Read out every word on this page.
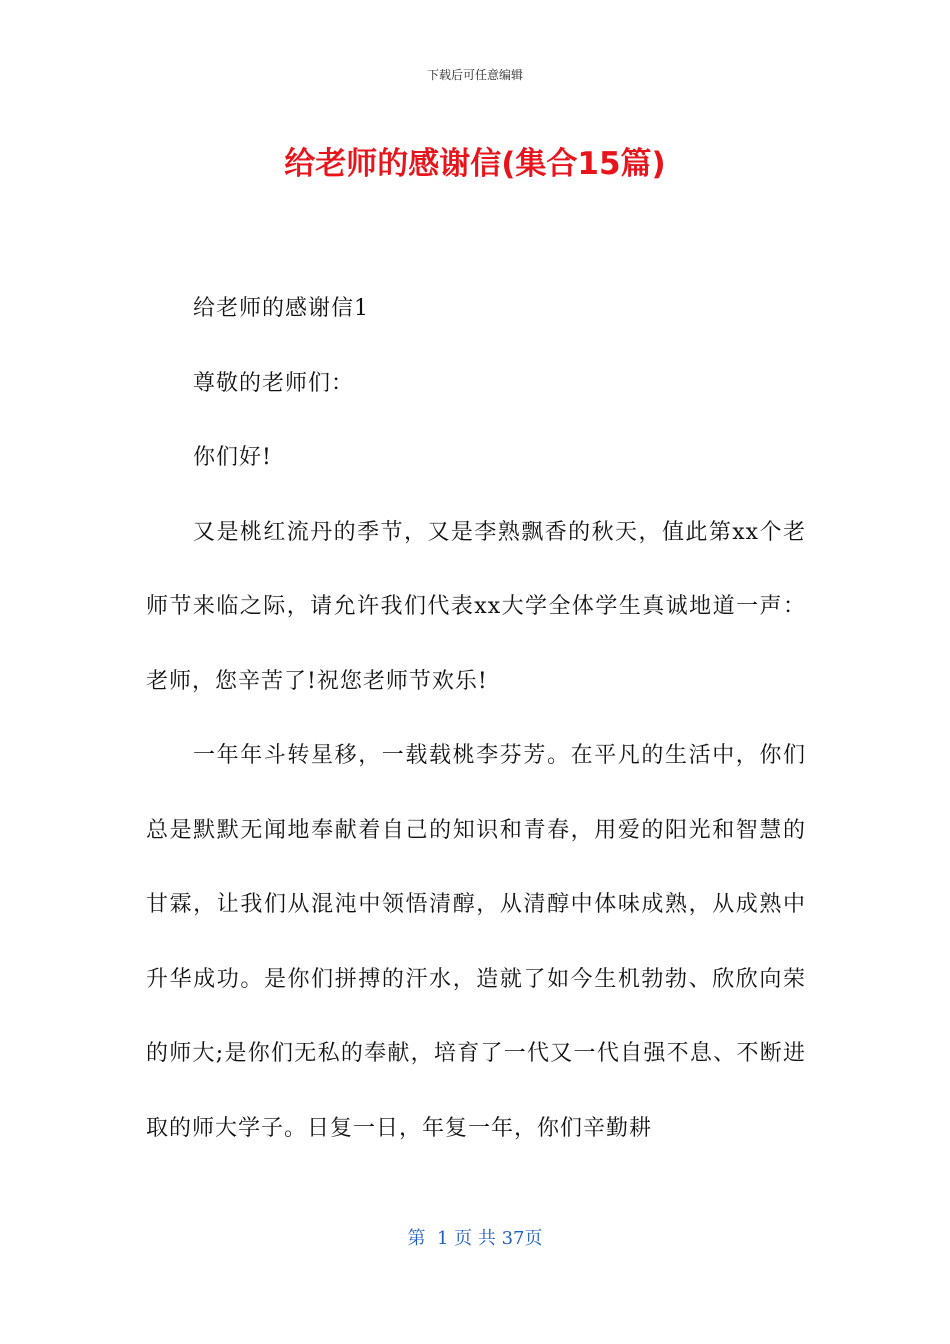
下载后可任意编辑
给老师的感谢信(集合15篇)

给老师的感谢信1

尊敬的老师们：

你们好!

又是桃红流丹的季节，又是李熟飘香的秋天，值此第xx个老师节来临之际，请允许我们代表xx大学全体学生真诚地道一声：老师，您辛苦了!祝您老师节欢乐!

一年年斗转星移，一载载桃李芬芳。在平凡的生活中，你们总是默默无闻地奉献着自己的知识和青春，用爱的阳光和智慧的甘霖，让我们从混沌中领悟清醇，从清醇中体味成熟，从成熟中升华成功。是你们拼搏的汗水，造就了如今生机勃勃、欣欣向荣的师大;是你们无私的奉献，培育了一代又一代自强不息、不断进取的师大学子。日复一日，年复一年，你们辛勤耕

第  1 页 共 37页
